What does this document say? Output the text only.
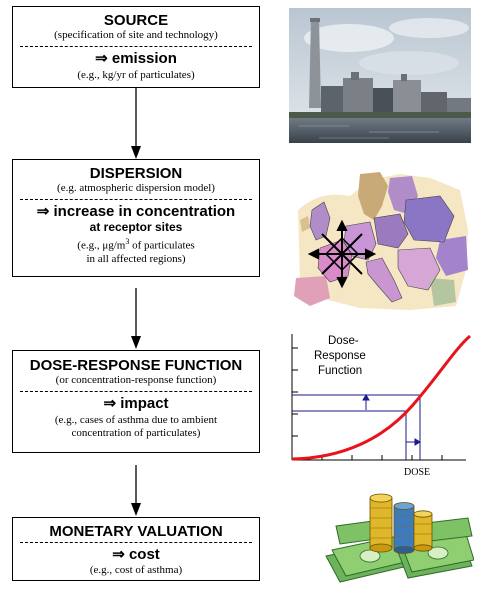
SOURCE
(specification of site and technology)
⇒ emission
(e.g., kg/yr of particulates)
DISPERSION
(e.g. atmospheric dispersion model)
⇒ increase in concentration
at receptor sites
(e.g., $\mu g/m^3$ of particulates
in all affected regions)
DOSE-RESPONSE FUNCTION
(or concentration-response function)
⇒ impact
(e.g., cases of asthma due to ambient
concentration of particulates)
MONETARY VALUATION
⇒ cost
(e.g., cost of asthma)
Dose-
Response
Function
DOSE
